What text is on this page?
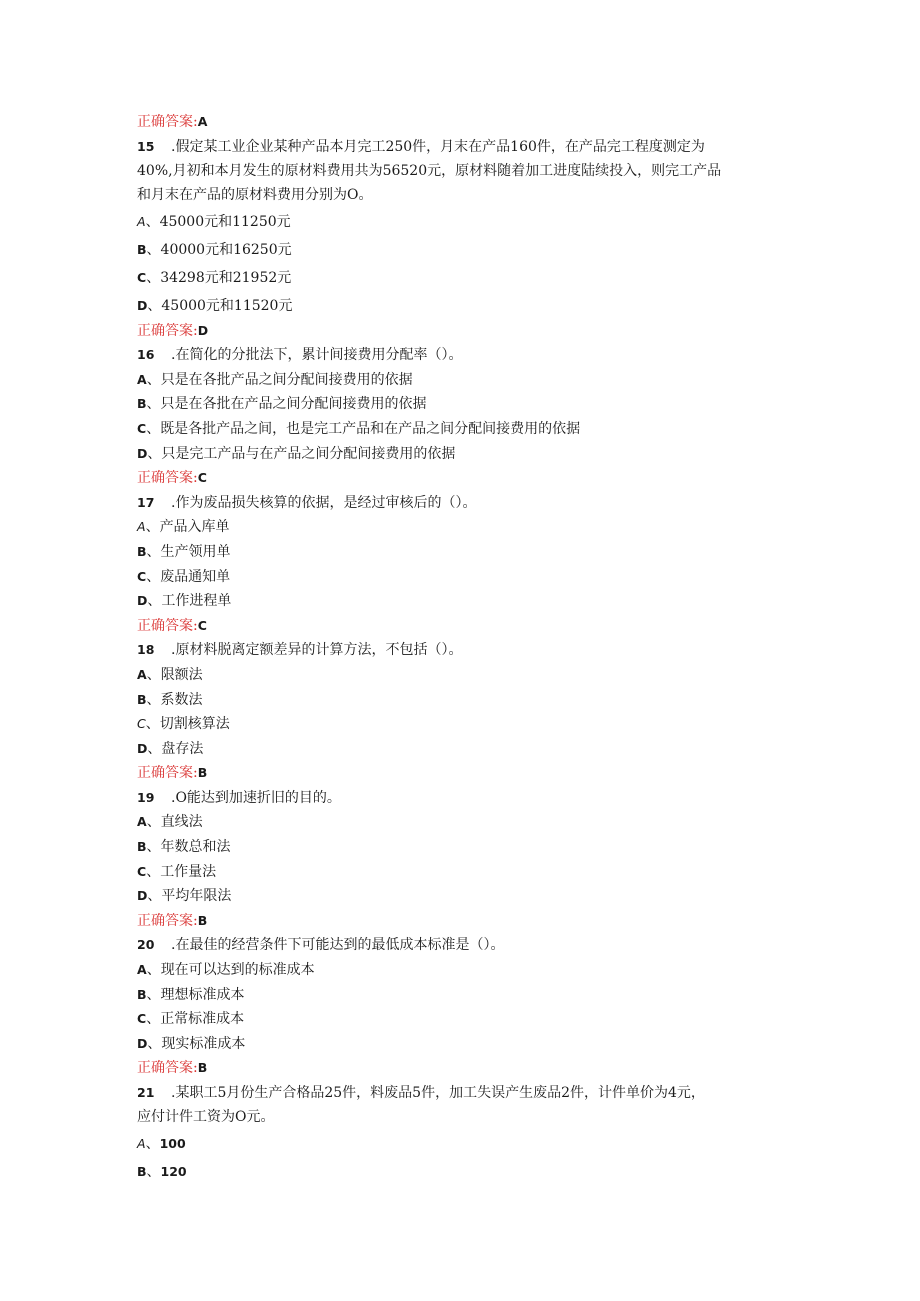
正确答案:A
15 .假定某工业企业某种产品本月完工250件，月末在产品160件，在产品完工程度测定为
40%,月初和本月发生的原材料费用共为56520元，原材料随着加工进度陆续投入，则完工产品
和月末在产品的原材料费用分别为O。
A、45000元和11250元
B、40000元和16250元
C、34298元和21952元
D、45000元和11520元
正确答案:D
16 .在简化的分批法下，累计间接费用分配率（）。
A、只是在各批产品之间分配间接费用的依据
B、只是在各批在产品之间分配间接费用的依据
C、既是各批产品之间，也是完工产品和在产品之间分配间接费用的依据
D、只是完工产品与在产品之间分配间接费用的依据
正确答案:C
17 .作为废品损失核算的依据，是经过审核后的（）。
A、产品入库单
B、生产领用单
C、废品通知单
D、工作进程单
正确答案:C
18 .原材料脱离定额差异的计算方法，不包括（）。
A、限额法
B、系数法
C、切割核算法
D、盘存法
正确答案:B
19 .O能达到加速折旧的目的。
A、直线法
B、年数总和法
C、工作量法
D、平均年限法
正确答案:B
20 .在最佳的经营条件下可能达到的最低成本标准是（）。
A、现在可以达到的标准成本
B、理想标准成本
C、正常标准成本
D、现实标准成本
正确答案:B
21 .某职工5月份生产合格品25件，料废品5件，加工失误产生废品2件，计件单价为4元，
应付计件工资为O元。
A、100
B、120
